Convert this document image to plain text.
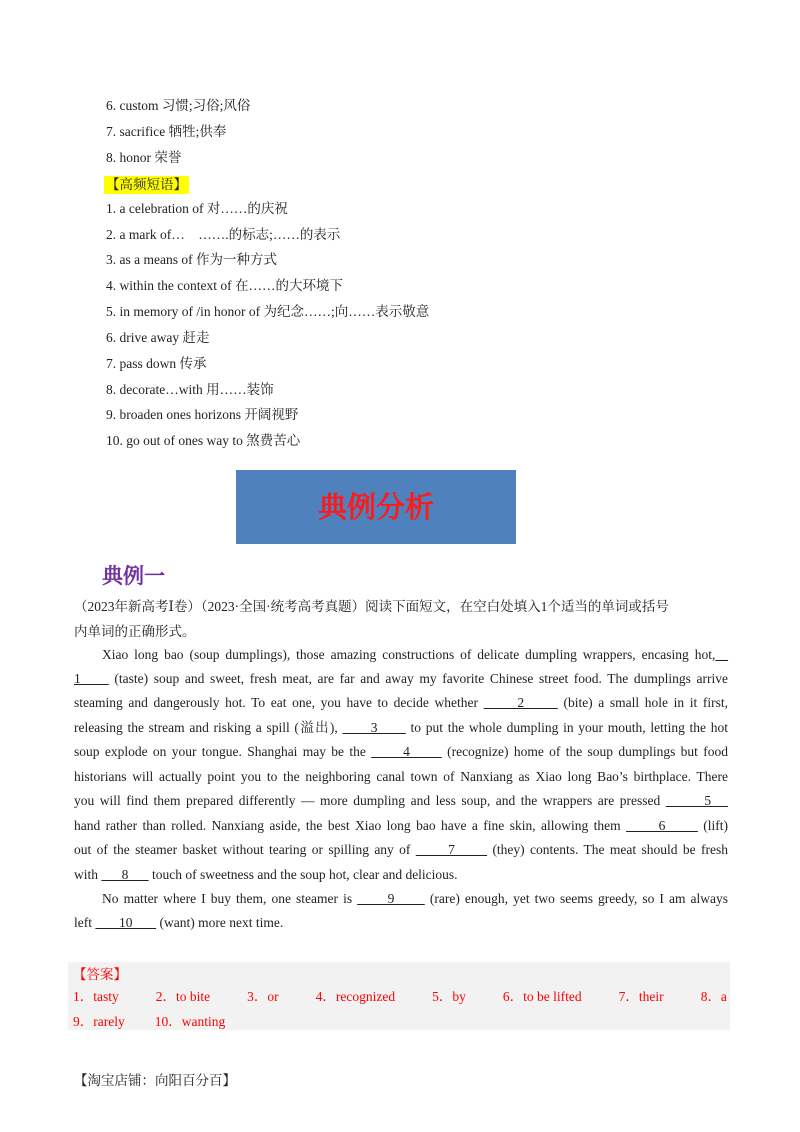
6. custom 习惯;习俗;风俗
7. sacrifice 牺牲;供奉
8. honor 荣誉
【高频短语】
1. a celebration of 对……的庆祝
2. a mark of…　…….的标志;……的表示
3. as a means of 作为一种方式
4. within the context of 在……的大环境下
5. in memory of /in honor of 为纪念……;向……表示敬意
6. drive away 赶走
7. pass down 传承
8. decorate…with 用……装饰
9. broaden ones horizons 开阔视野
10. go out of ones way to 煞费苦心
典例分析
典例一
（2023年新高考Ⅰ卷）（2023·全国·统考高考真题）阅读下面短文，在空白处填入1个适当的单词或括号
内单词的正确形式。
Xiao long bao (soup dumplings), those amazing constructions of delicate dumpling wrappers, encasing hot, _
1      (taste) soup and sweet, fresh meat, are far and away my favorite Chinese street food. The dumplings arrive
steaming and dangerously hot. To eat one, you have to decide whether       2       (bite) a small hole in it first,
releasing the stream and risking a spill (溢出),       3       to put the whole dumpling in your mouth, letting the hot
soup explode on your tongue. Shanghai may be the       4       (recognize) home of the soup dumplings but food
historians will actually point you to the neighboring canal town of Nanxiang as Xiao long Bao’s birthplace. There
you will find them prepared differently — more dumpling and less soup, and the wrappers are pressed        5
hand rather than rolled. Nanxiang aside, the best Xiao long bao have a fine skin, allowing them       6       (lift)
out of the steamer basket without tearing or spilling any of       7       (they) contents. The meat should be fresh
with       8       touch of sweetness and the soup hot, clear and delicious.
No matter where I buy them, one steamer is       9       (rare) enough, yet two seems greedy, so I am always
left        10        (want) more next time.
【答案】
1．tasty	2．to bite	3．or	4．recognized	5．by	6．to be lifted	7．their	8．a
9．rarely 10．wanting
【淘宝店铺：向阳百分百】
